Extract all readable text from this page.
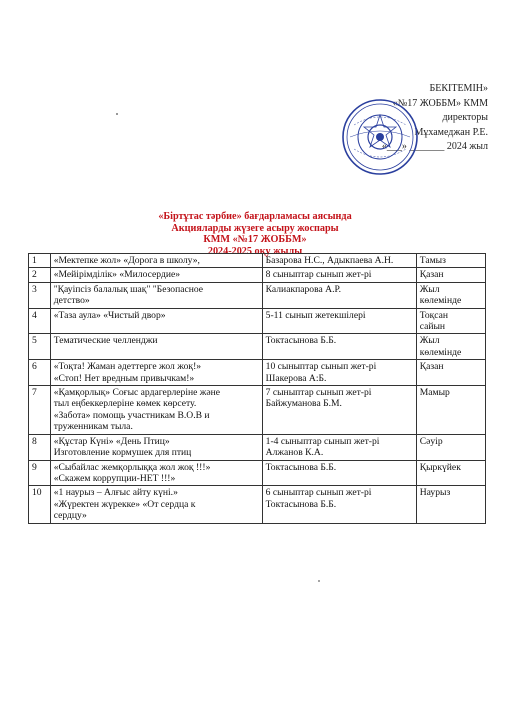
БЕКІТЕМІН»
«№17 ЖОББМ» КММ
директоры
Мұхамеджан Р.Е.
«___» _______ 2024 жыл
«Біртұтас тәрбие» бағдарламасы аясында
Акцияларды жүзеге асыру жоспары
КММ «№17 ЖОББМ»
2024-2025 оқу жылы
1	«Мектепке жол» «Дорога в школу»,	Базарова Н.С., Адыкпаева А.Н.	Тамыз

2	«Мейірімділік» «Милосердие»	8 сыныптар сынып жет-рі	Қазан

3	"Қауіпсіз балалық шақ" "Безопасное
детство»	Калиакпарова А.Р.	Жыл
көлемінде

4	«Таза аула» «Чистый двор»	5-11 сынып жетекшілері	Тоқсан
сайын

5	Тематические челленджи	Токтасынова Б.Б.	Жыл
көлемінде

6	«Тоқта! Жаман әдеттерге жол жоқ!»
«Стоп! Нет вредным привычкам!»	10 сыныптар сынып жет-рі
Шакерова А:Б.	Қазан

7	«Қамқорлық» Соғыс ардагерлеріне және
тыл еңбеккерлеріне көмек көрсету.
«Забота» помощь участникам В.О.В и
труженникам тыла.	7 сыныптар сынып жет-рі
Байжуманова Б.М.	Мамыр

8	«Құстар Күні» «День Птиц»
Изготовление кормушек для птиц	1-4 сыныптар сынып жет-рі
Алжанов К.А.	Сәуір

9	«Сыбайлас жемқорлыққа жол жоқ !!!»
«Скажем коррупции-НЕТ !!!»	Токтасынова Б.Б.	Қыркүйек

10	«1 наурыз – Алғыс айту күні.»
«Жүректен жүрекке» «От сердца к
сердцу»	6 сыныптар сынып жет-рі
Токтасынова Б.Б.	Наурыз
